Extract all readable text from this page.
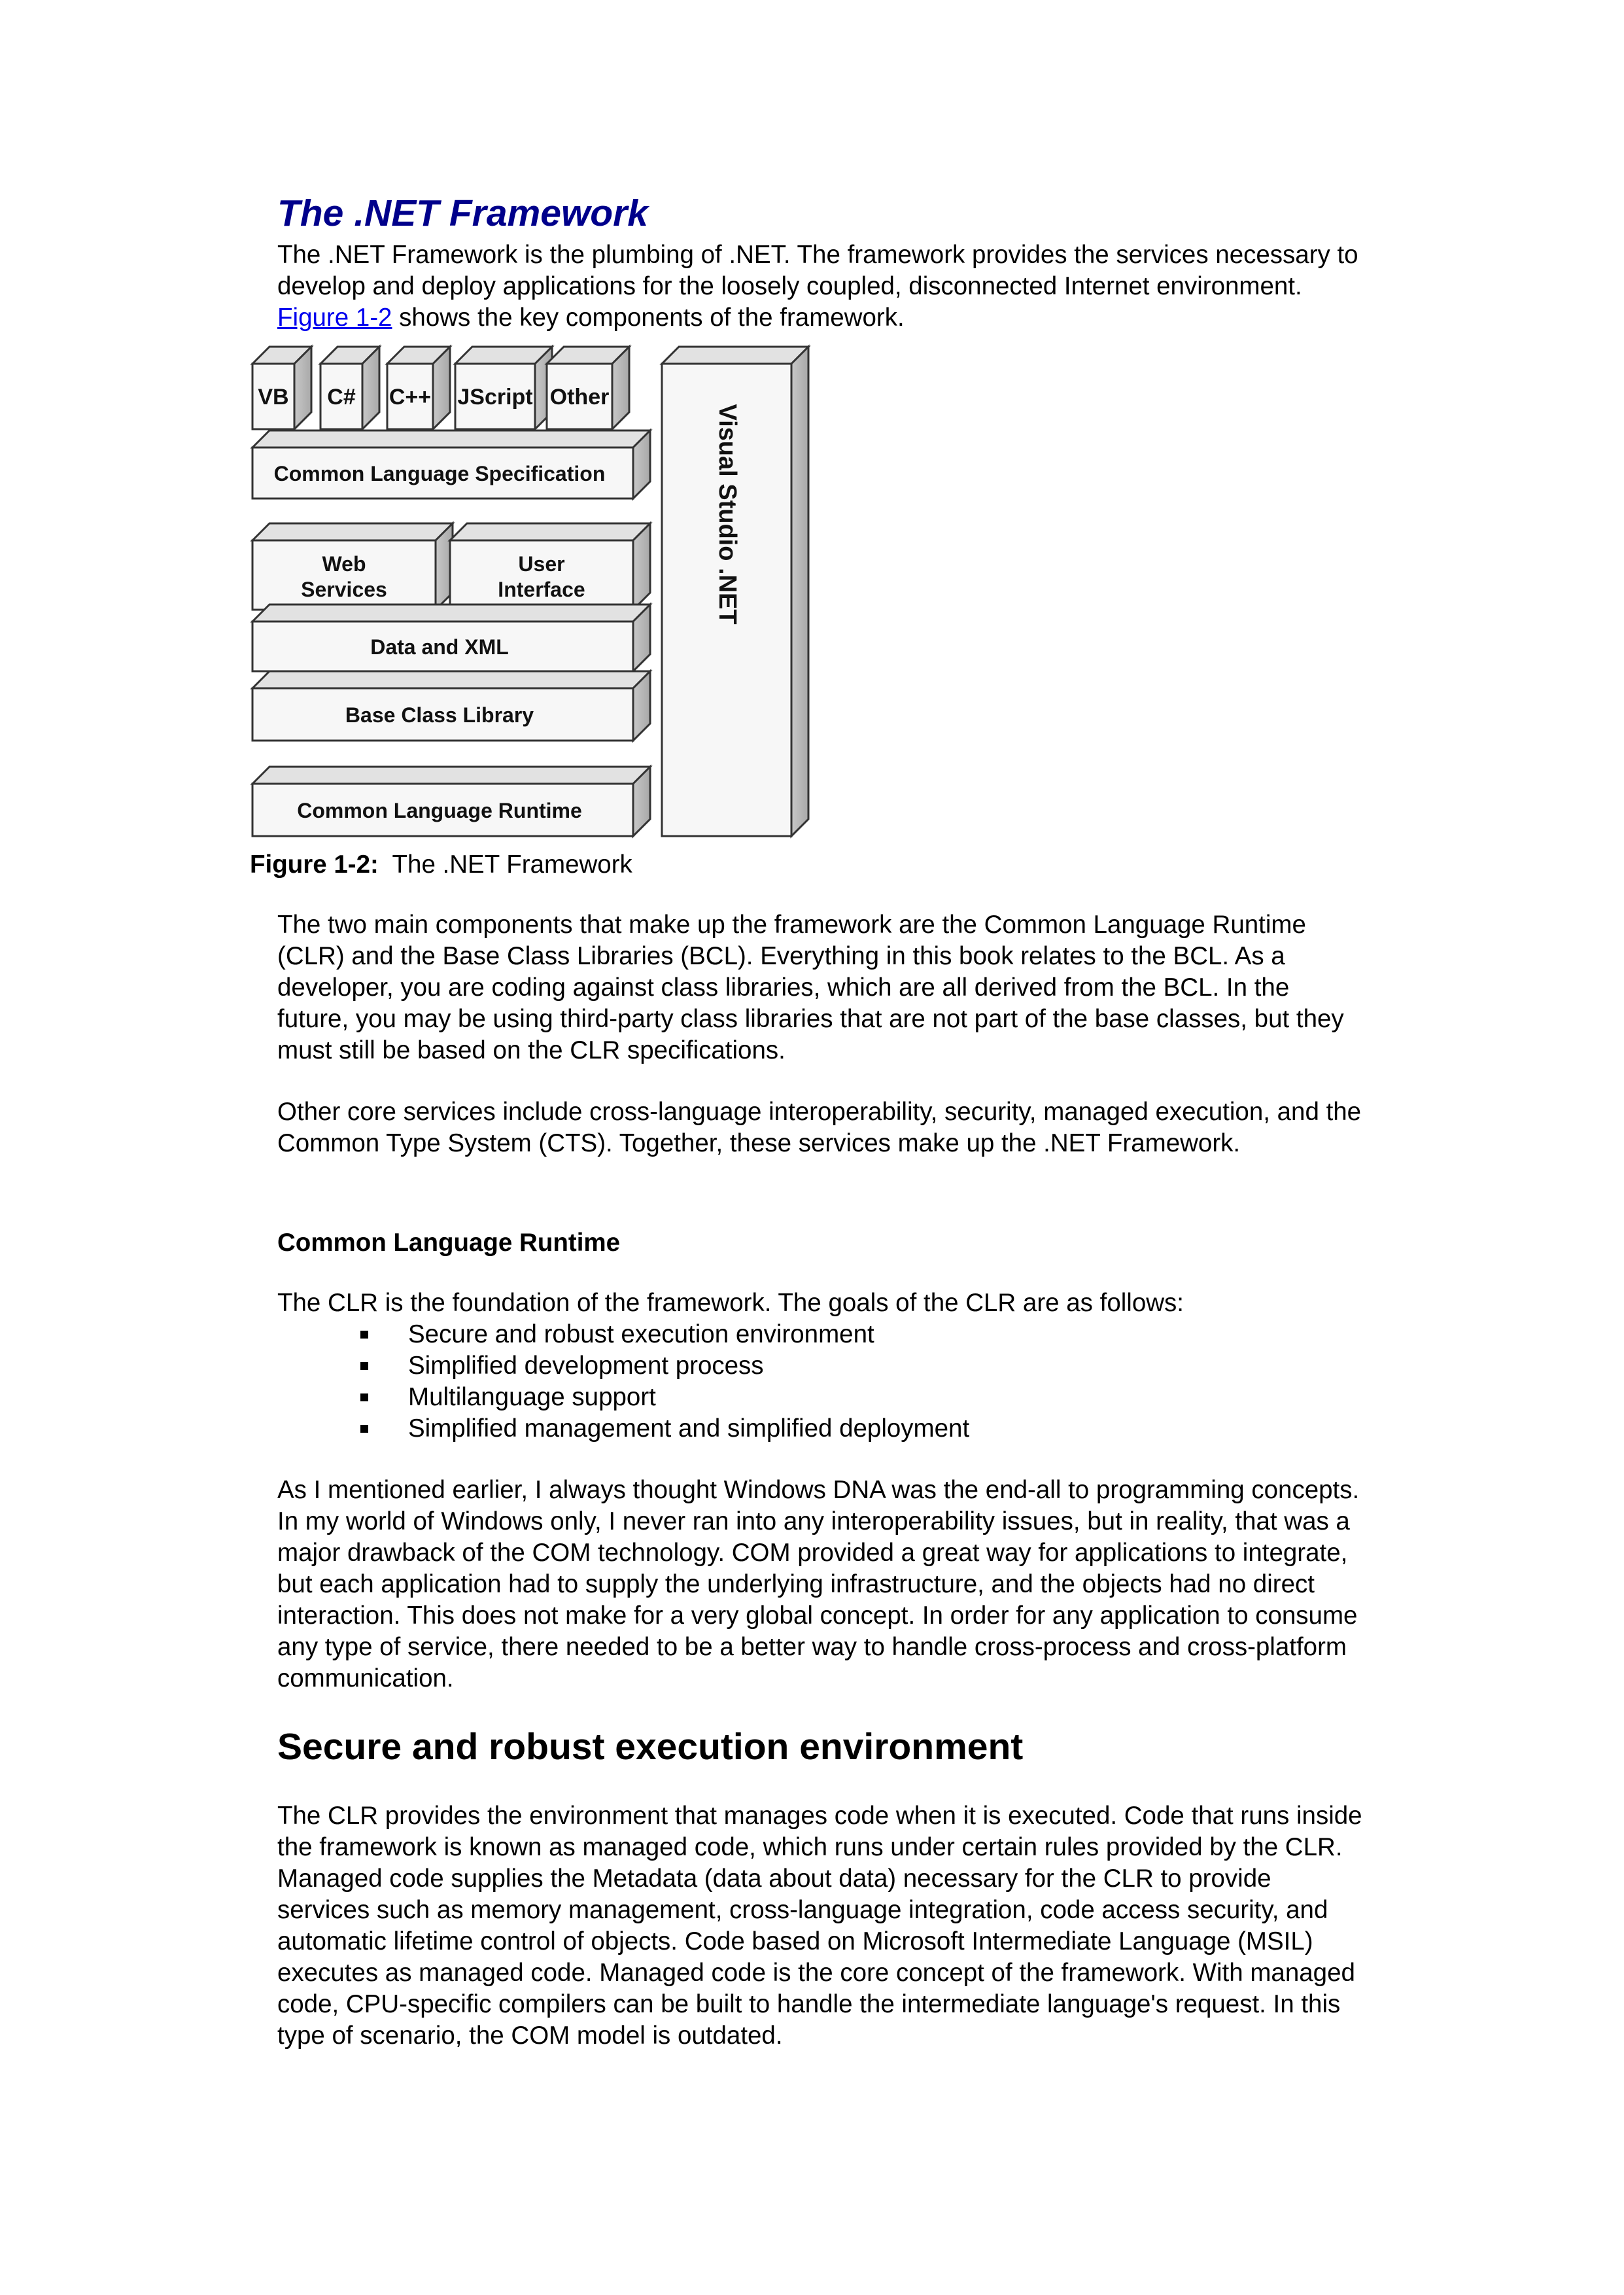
The .NET Framework

The .NET Framework is the plumbing of .NET. The framework provides the services necessary to develop and deploy applications for the loosely coupled, disconnected Internet environment. Figure 1-2 shows the key components of the framework.

VB C# C++ JScript Other
Common Language Specification
Web
Services
User
Interface
Data and XML
Base Class Library
Common Language Runtime
Visual Studio .NET

Figure 1-2: The .NET Framework

The two main components that make up the framework are the Common Language Runtime (CLR) and the Base Class Libraries (BCL). Everything in this book relates to the BCL. As a developer, you are coding against class libraries, which are all derived from the BCL. In the future, you may be using third-party class libraries that are not part of the base classes, but they must still be based on the CLR specifications.

Other core services include cross-language interoperability, security, managed execution, and the Common Type System (CTS). Together, these services make up the .NET Framework.

Common Language Runtime

The CLR is the foundation of the framework. The goals of the CLR are as follows:

Secure and robust execution environment
Simplified development process
Multilanguage support
Simplified management and simplified deployment

As I mentioned earlier, I always thought Windows DNA was the end-all to programming concepts. In my world of Windows only, I never ran into any interoperability issues, but in reality, that was a major drawback of the COM technology. COM provided a great way for applications to integrate, but each application had to supply the underlying infrastructure, and the objects had no direct interaction. This does not make for a very global concept. In order for any application to consume any type of service, there needed to be a better way to handle cross-process and cross-platform communication.

Secure and robust execution environment

The CLR provides the environment that manages code when it is executed. Code that runs inside the framework is known as managed code, which runs under certain rules provided by the CLR. Managed code supplies the Metadata (data about data) necessary for the CLR to provide services such as memory management, cross-language integration, code access security, and automatic lifetime control of objects. Code based on Microsoft Intermediate Language (MSIL) executes as managed code. Managed code is the core concept of the framework. With managed code, CPU-specific compilers can be built to handle the intermediate language's request. In this type of scenario, the COM model is outdated.
